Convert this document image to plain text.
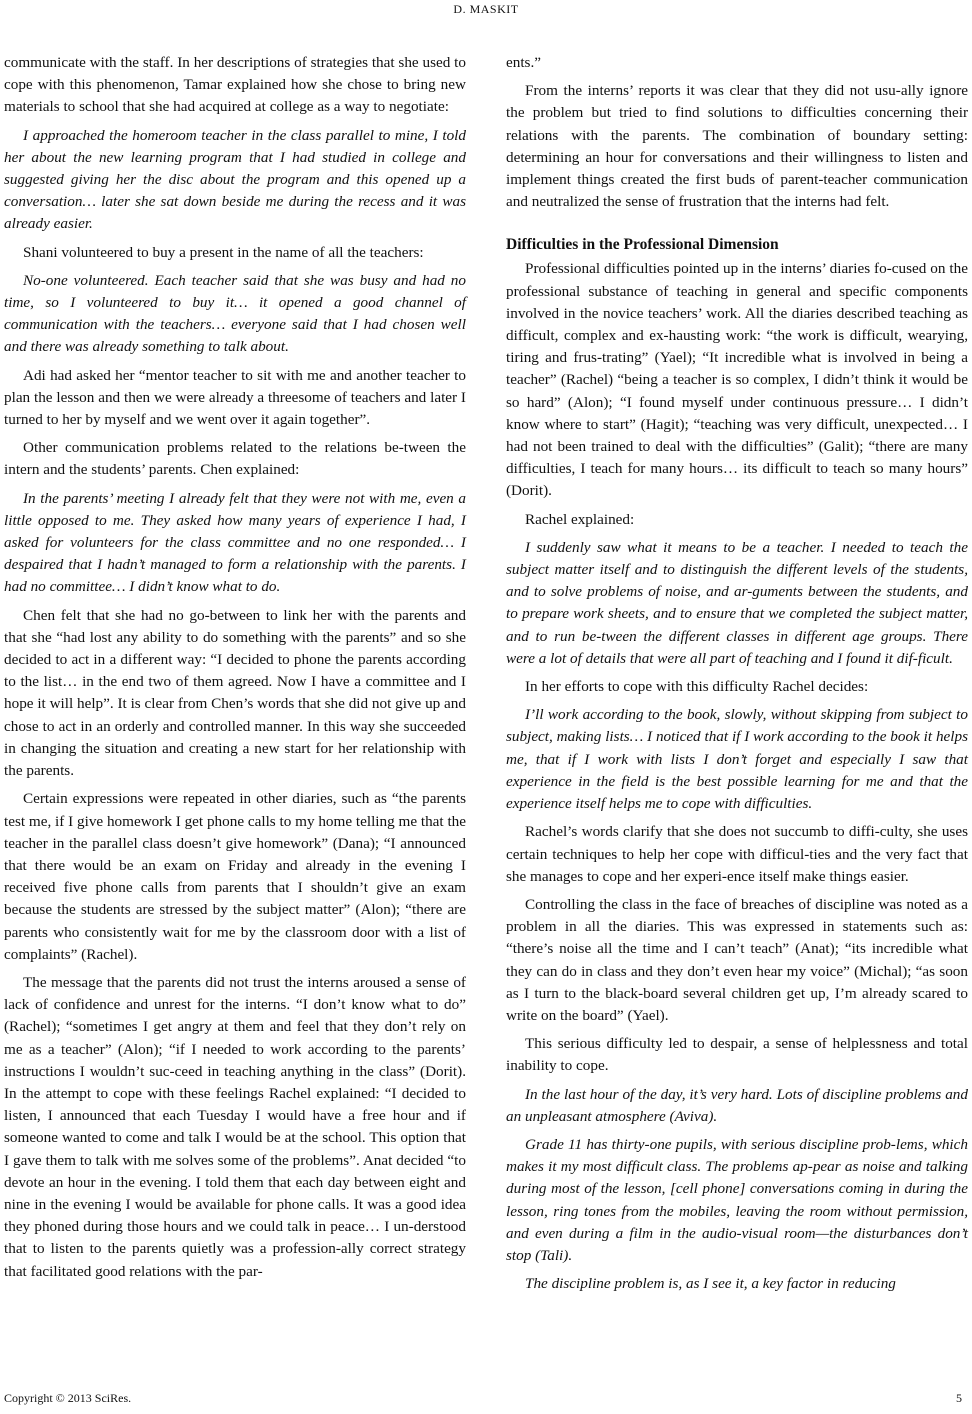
D. MASKIT

communicate with the staff. In her descriptions of strategies that she used to cope with this phenomenon, Tamar explained how she chose to bring new materials to school that she had acquired at college as a way to negotiate:

I approached the homeroom teacher in the class parallel to mine, I told her about the new learning program that I had studied in college and suggested giving her the disc about the program and this opened up a conversation… later she sat down beside me during the recess and it was already easier.

Shani volunteered to buy a present in the name of all the teachers:

No-one volunteered. Each teacher said that she was busy and had no time, so I volunteered to buy it… it opened a good channel of communication with the teachers… everyone said that I had chosen well and there was already something to talk about.

Adi had asked her “mentor teacher to sit with me and another teacher to plan the lesson and then we were already a threesome of teachers and later I turned to her by myself and we went over it again together”.

Other communication problems related to the relations be-tween the intern and the students’ parents. Chen explained:

In the parents’ meeting I already felt that they were not with me, even a little opposed to me. They asked how many years of experience I had, I asked for volunteers for the class committee and no one responded… I despaired that I hadn’t managed to form a relationship with the parents. I had no committee… I didn’t know what to do.

Chen felt that she had no go-between to link her with the parents and that she “had lost any ability to do something with the parents” and so she decided to act in a different way: “I decided to phone the parents according to the list… in the end two of them agreed. Now I have a committee and I hope it will help”. It is clear from Chen’s words that she did not give up and chose to act in an orderly and controlled manner. In this way she succeeded in changing the situation and creating a new start for her relationship with the parents.

Certain expressions were repeated in other diaries, such as “the parents test me, if I give homework I get phone calls to my home telling me that the teacher in the parallel class doesn’t give homework” (Dana); “I announced that there would be an exam on Friday and already in the evening I received five phone calls from parents that I shouldn’t give an exam because the students are stressed by the subject matter” (Alon); “there are parents who consistently wait for me by the classroom door with a list of complaints” (Rachel).

The message that the parents did not trust the interns aroused a sense of lack of confidence and unrest for the interns. “I don’t know what to do” (Rachel); “sometimes I get angry at them and feel that they don’t rely on me as a teacher” (Alon); “if I needed to work according to the parents’ instructions I wouldn’t suc-ceed in teaching anything in the class” (Dorit). In the attempt to cope with these feelings Rachel explained: “I decided to listen, I announced that each Tuesday I would have a free hour and if someone wanted to come and talk I would be at the school. This option that I gave them to talk with me solves some of the problems”. Anat decided “to devote an hour in the evening. I told them that each day between eight and nine in the evening I would be available for phone calls. It was a good idea they phoned during those hours and we could talk in peace… I un-derstood that to listen to the parents quietly was a profession-ally correct strategy that facilitated good relations with the par-

ents.”

From the interns’ reports it was clear that they did not usu-ally ignore the problem but tried to find solutions to difficulties concerning their relations with the parents. The combination of boundary setting: determining an hour for conversations and their willingness to listen and implement things created the first buds of parent-teacher communication and neutralized the sense of frustration that the interns had felt.

Difficulties in the Professional Dimension

Professional difficulties pointed up in the interns’ diaries fo-cused on the professional substance of teaching in general and specific components involved in the novice teachers’ work. All the diaries described teaching as difficult, complex and ex-hausting work: “the work is difficult, wearying, tiring and frus-trating” (Yael); “It incredible what is involved in being a teacher” (Rachel) “being a teacher is so complex, I didn’t think it would be so hard” (Alon); “I found myself under continuous pressure… I didn’t know where to start” (Hagit); “teaching was very difficult, unexpected… I had not been trained to deal with the difficulties” (Galit); “there are many difficulties, I teach for many hours… its difficult to teach so many hours” (Dorit).

Rachel explained:

I suddenly saw what it means to be a teacher. I needed to teach the subject matter itself and to distinguish the different levels of the students, and to solve problems of noise, and ar-guments between the students, and to prepare work sheets, and to ensure that we completed the subject matter, and to run be-tween the different classes in different age groups. There were a lot of details that were all part of teaching and I found it dif-ficult.

In her efforts to cope with this difficulty Rachel decides:

I’ll work according to the book, slowly, without skipping from subject to subject, making lists… I noticed that if I work according to the book it helps me, that if I work with lists I don’t forget and especially I saw that experience in the field is the best possible learning for me and that the experience itself helps me to cope with difficulties.

Rachel’s words clarify that she does not succumb to diffi-culty, she uses certain techniques to help her cope with difficul-ties and the very fact that she manages to cope and her experi-ence itself make things easier.

Controlling the class in the face of breaches of discipline was noted as a problem in all the diaries. This was expressed in statements such as: “there’s noise all the time and I can’t teach” (Anat); “its incredible what they can do in class and they don’t even hear my voice” (Michal); “as soon as I turn to the black-board several children get up, I’m already scared to write on the board” (Yael).

This serious difficulty led to despair, a sense of helplessness and total inability to cope.

In the last hour of the day, it’s very hard. Lots of discipline problems and an unpleasant atmosphere (Aviva).

Grade 11 has thirty-one pupils, with serious discipline prob-lems, which makes it my most difficult class. The problems ap-pear as noise and talking during most of the lesson, [cell phone] conversations coming in during the lesson, ring tones from the mobiles, leaving the room without permission, and even during a film in the audio-visual room—the disturbances don’t stop (Tali).

The discipline problem is, as I see it, a key factor in reducing

Copyright © 2013 SciRes.	5
